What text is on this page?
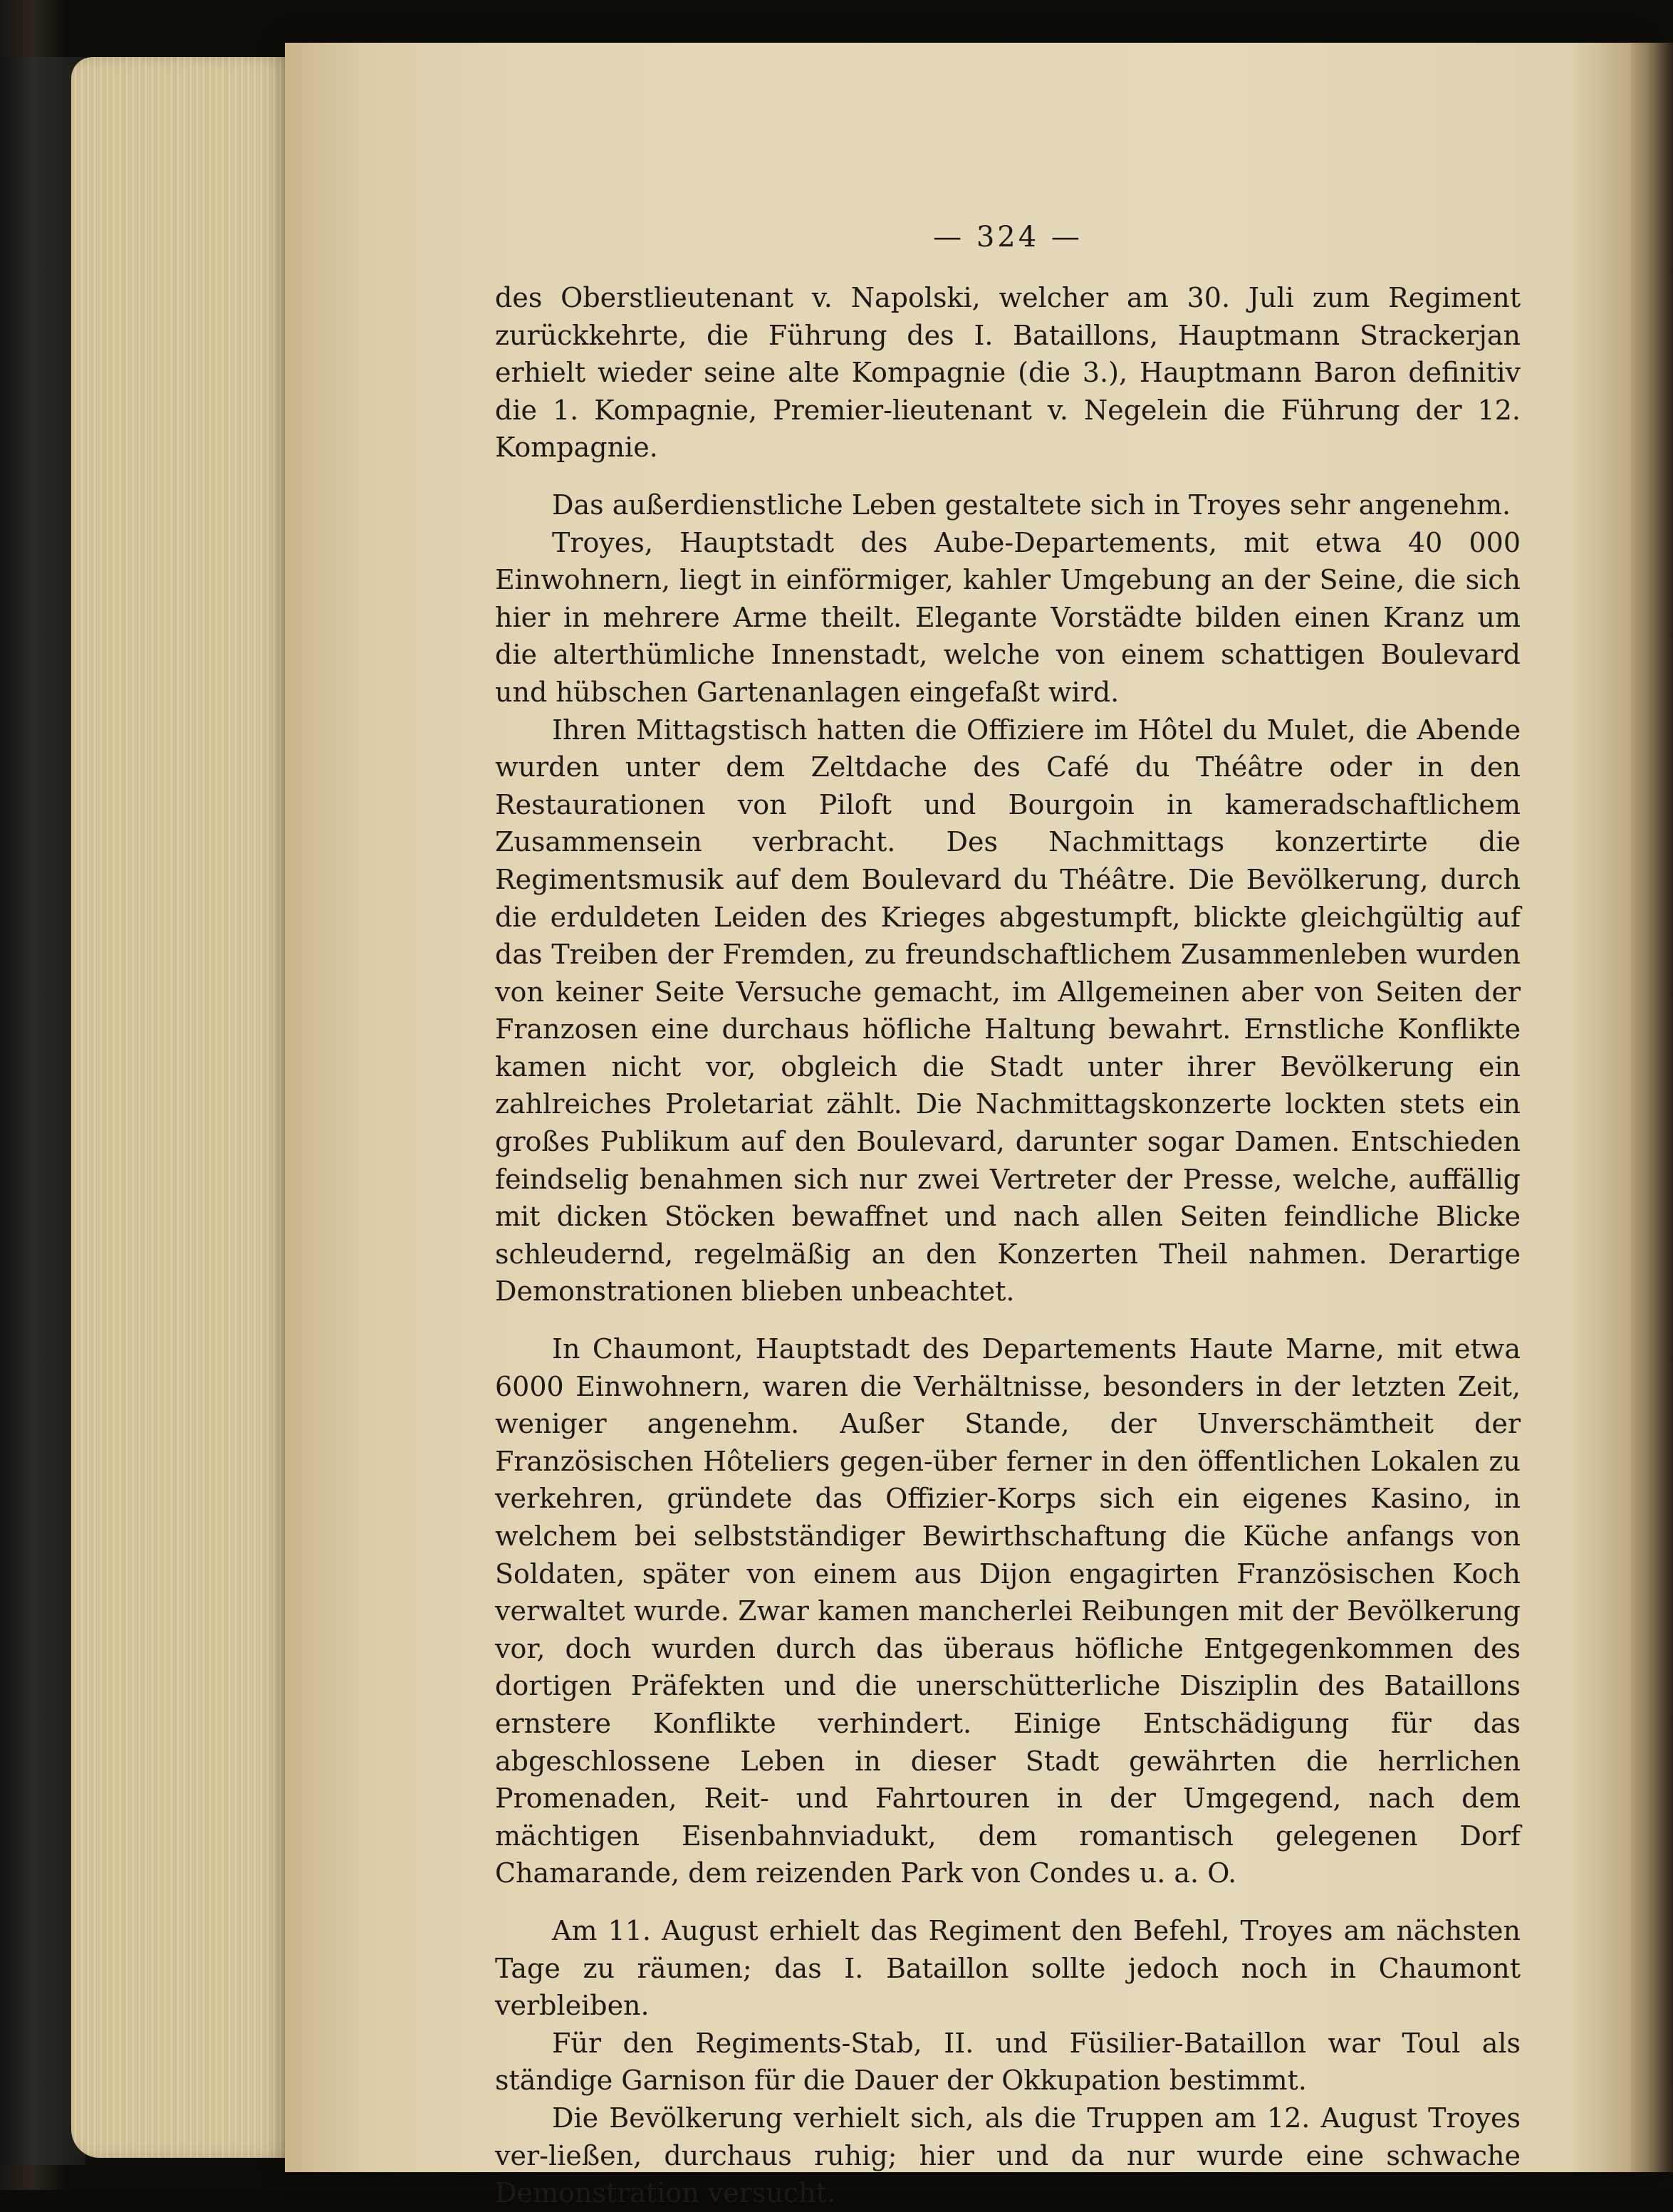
— 324 —

des Oberstlieutenant v. Napolski, welcher am 30. Juli zum Regiment zurückkehrte, die Führung des I. Bataillons, Hauptmann Strackerjan erhielt wieder seine alte Kompagnie (die 3.), Hauptmann Baron definitiv die 1. Kompagnie, Premier-lieutenant v. Negelein die Führung der 12. Kompagnie.

Das außerdienstliche Leben gestaltete sich in Troyes sehr angenehm.

Troyes, Hauptstadt des Aube-Departements, mit etwa 40 000 Einwohnern, liegt in einförmiger, kahler Umgebung an der Seine, die sich hier in mehrere Arme theilt. Elegante Vorstädte bilden einen Kranz um die alterthümliche Innenstadt, welche von einem schattigen Boulevard und hübschen Gartenanlagen eingefaßt wird.

Ihren Mittagstisch hatten die Offiziere im Hôtel du Mulet, die Abende wurden unter dem Zeltdache des Café du Théâtre oder in den Restaurationen von Piloft und Bourgoin in kameradschaftlichem Zusammensein verbracht. Des Nachmittags konzertirte die Regimentsmusik auf dem Boulevard du Théâtre. Die Bevölkerung, durch die erduldeten Leiden des Krieges abgestumpft, blickte gleichgültig auf das Treiben der Fremden, zu freundschaftlichem Zusammenleben wurden von keiner Seite Versuche gemacht, im Allgemeinen aber von Seiten der Franzosen eine durchaus höfliche Haltung bewahrt. Ernstliche Konflikte kamen nicht vor, obgleich die Stadt unter ihrer Bevölkerung ein zahlreiches Proletariat zählt. Die Nachmittagskonzerte lockten stets ein großes Publikum auf den Boulevard, darunter sogar Damen. Entschieden feindselig benahmen sich nur zwei Vertreter der Presse, welche, auffällig mit dicken Stöcken bewaffnet und nach allen Seiten feindliche Blicke schleudernd, regelmäßig an den Konzerten Theil nahmen. Derartige Demonstrationen blieben unbeachtet.

In Chaumont, Hauptstadt des Departements Haute Marne, mit etwa 6000 Einwohnern, waren die Verhältnisse, besonders in der letzten Zeit, weniger angenehm. Außer Stande, der Unverschämtheit der Französischen Hôteliers gegen-über ferner in den öffentlichen Lokalen zu verkehren, gründete das Offizier-Korps sich ein eigenes Kasino, in welchem bei selbstständiger Bewirthschaftung die Küche anfangs von Soldaten, später von einem aus Dijon engagirten Französischen Koch verwaltet wurde. Zwar kamen mancherlei Reibungen mit der Bevölkerung vor, doch wurden durch das überaus höfliche Entgegenkommen des dortigen Präfekten und die unerschütterliche Disziplin des Bataillons ernstere Konflikte verhindert. Einige Entschädigung für das abgeschlossene Leben in dieser Stadt gewährten die herrlichen Promenaden, Reit- und Fahrtouren in der Umgegend, nach dem mächtigen Eisenbahnviadukt, dem romantisch gelegenen Dorf Chamarande, dem reizenden Park von Condes u. a. O.

Am 11. August erhielt das Regiment den Befehl, Troyes am nächsten Tage zu räumen; das I. Bataillon sollte jedoch noch in Chaumont verbleiben.

Für den Regiments-Stab, II. und Füsilier-Bataillon war Toul als ständige Garnison für die Dauer der Okkupation bestimmt.

Die Bevölkerung verhielt sich, als die Truppen am 12. August Troyes ver-ließen, durchaus ruhig; hier und da nur wurde eine schwache Demonstration versucht.
